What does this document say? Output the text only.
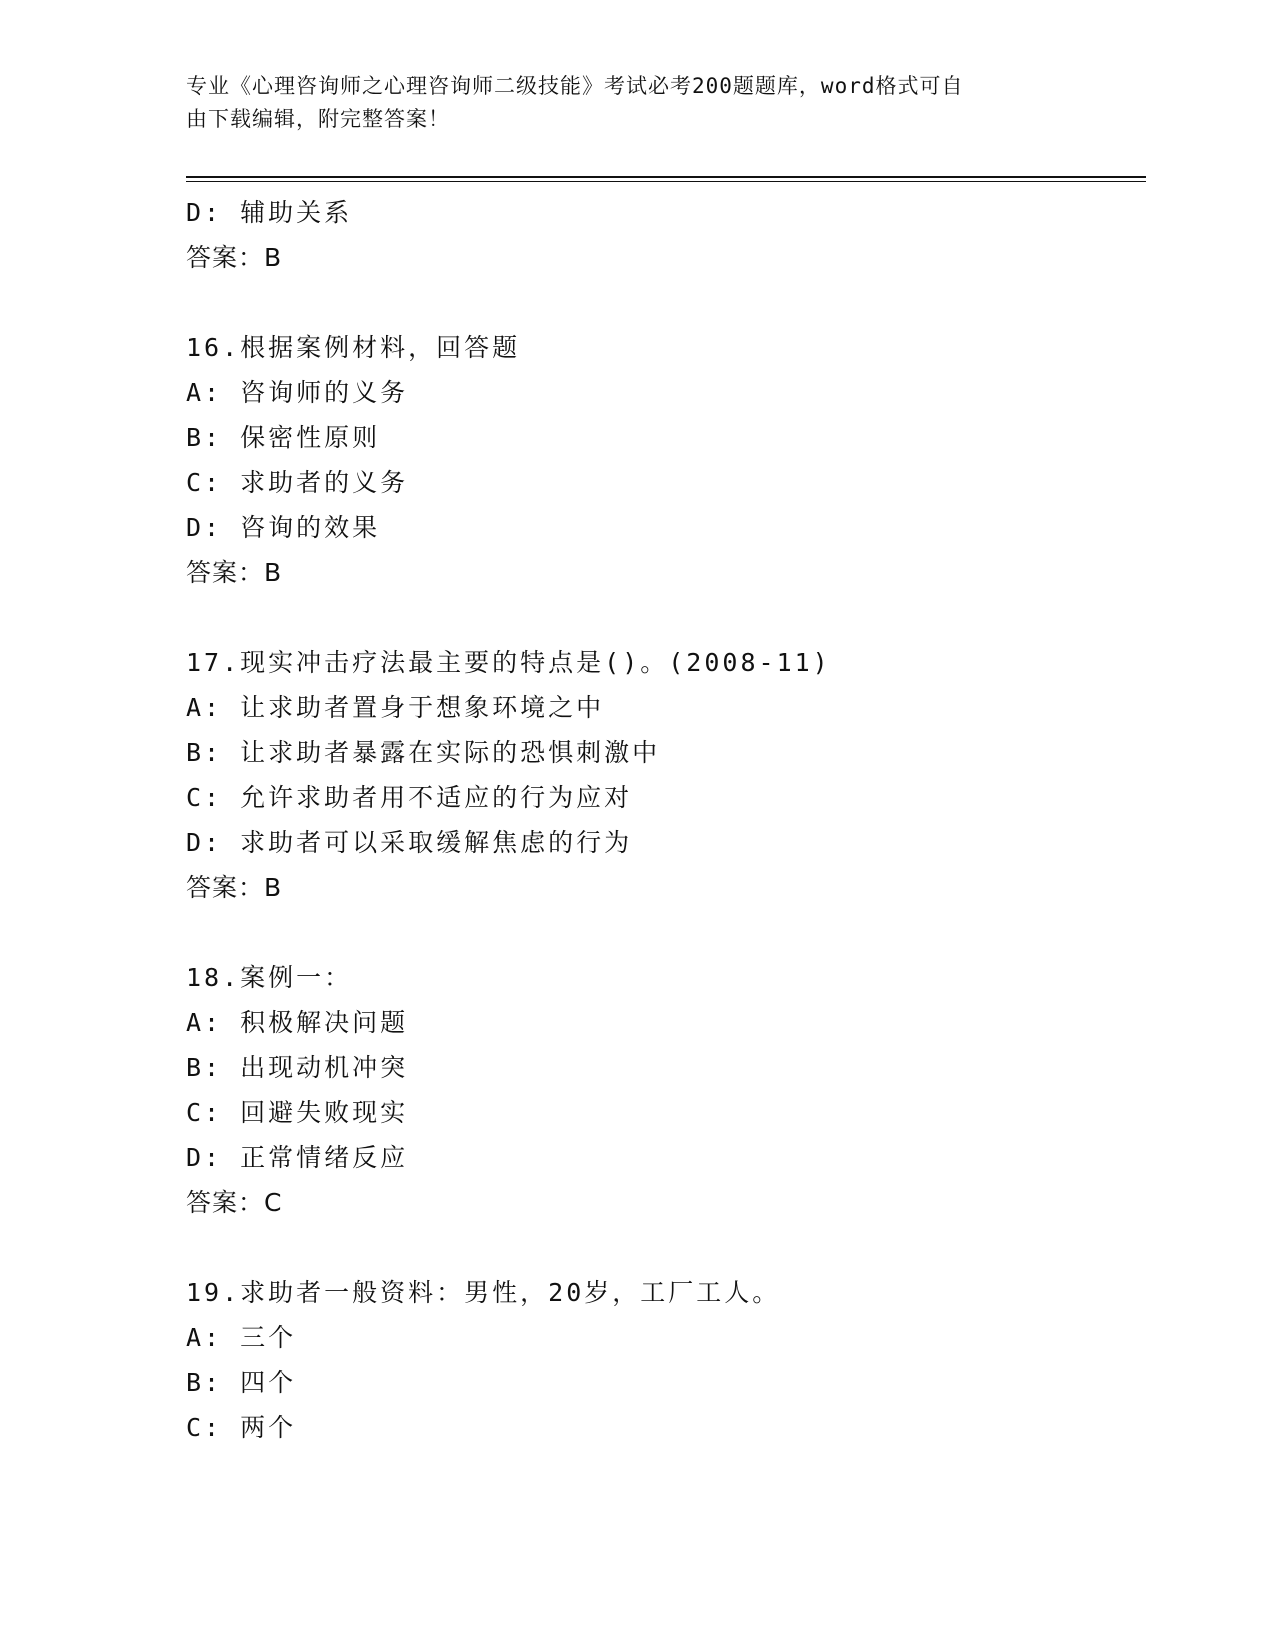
专业《心理咨询师之心理咨询师二级技能》考试必考200题题库，word格式可自
由下载编辑，附完整答案！
D: 辅助关系
答案：B
16.根据案例材料，回答题
A: 咨询师的义务
B: 保密性原则
C: 求助者的义务
D: 咨询的效果
答案：B
17.现实冲击疗法最主要的特点是()。(2008-11)
A: 让求助者置身于想象环境之中
B: 让求助者暴露在实际的恐惧刺激中
C: 允许求助者用不适应的行为应对
D: 求助者可以采取缓解焦虑的行为
答案：B
18.案例一：
A: 积极解决问题
B: 出现动机冲突
C: 回避失败现实
D: 正常情绪反应
答案：C
19.求助者一般资料：男性，20岁，工厂工人。
A: 三个
B: 四个
C: 两个
